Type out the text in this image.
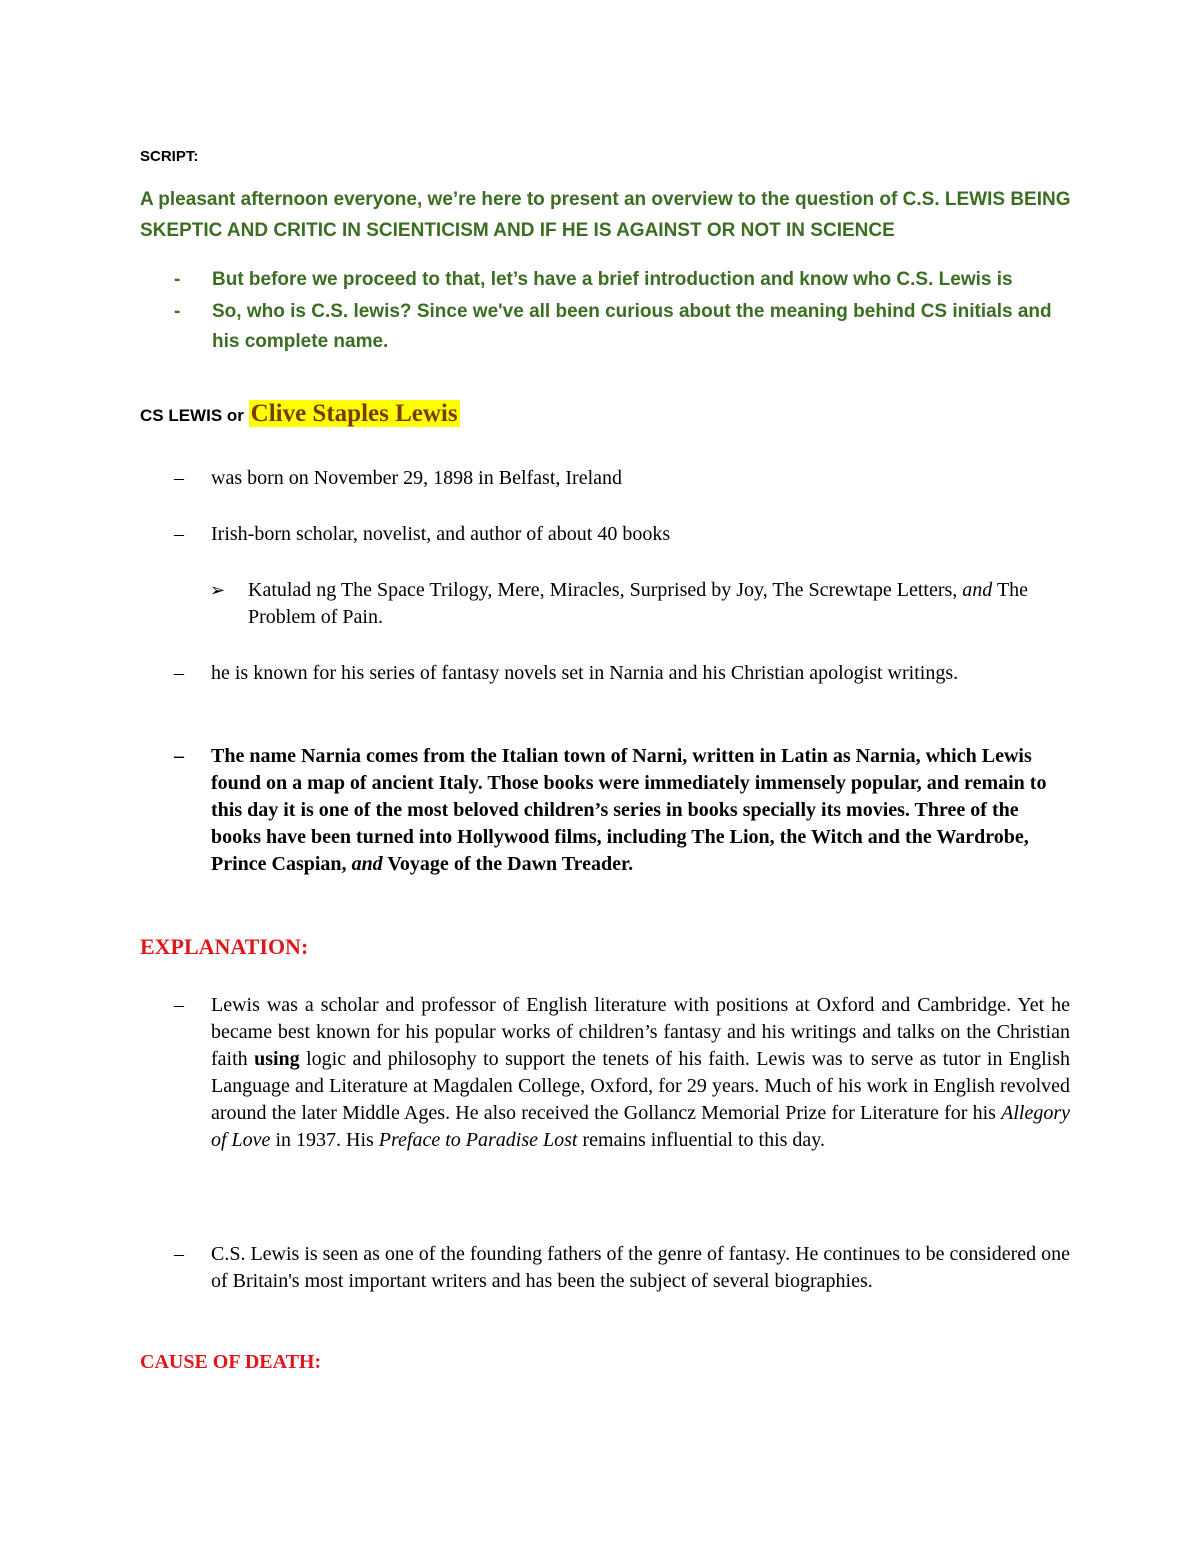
SCRIPT:
A pleasant afternoon everyone, we’re here to present an overview to the question of C.S. LEWIS BEING SKEPTIC AND CRITIC IN SCIENTICISM AND IF HE IS AGAINST OR NOT IN SCIENCE
- But before we proceed to that, let’s have a brief introduction and know who C.S. Lewis is
- So, who is C.S. lewis? Since we've all been curious about the meaning behind CS initials and his complete name.
CS LEWIS or Clive Staples Lewis
– was born on November 29, 1898 in Belfast, Ireland
– Irish-born scholar, novelist, and author of about 40 books
➢ Katulad ng The Space Trilogy, Mere, Miracles, Surprised by Joy, The Screwtape Letters, and The Problem of Pain.
– he is known for his series of fantasy novels set in Narnia and his Christian apologist writings.
– The name Narnia comes from the Italian town of Narni, written in Latin as Narnia, which Lewis found on a map of ancient Italy. Those books were immediately immensely popular, and remain to this day it is one of the most beloved children’s series in books specially its movies. Three of the books have been turned into Hollywood films, including The Lion, the Witch and the Wardrobe, Prince Caspian, and Voyage of the Dawn Treader.
EXPLANATION:
– Lewis was a scholar and professor of English literature with positions at Oxford and Cambridge. Yet he became best known for his popular works of children’s fantasy and his writings and talks on the Christian faith using logic and philosophy to support the tenets of his faith. Lewis was to serve as tutor in English Language and Literature at Magdalen College, Oxford, for 29 years. Much of his work in English revolved around the later Middle Ages. He also received the Gollancz Memorial Prize for Literature for his Allegory of Love in 1937. His Preface to Paradise Lost remains influential to this day.
– C.S. Lewis is seen as one of the founding fathers of the genre of fantasy. He continues to be considered one of Britain's most important writers and has been the subject of several biographies.
CAUSE OF DEATH:
